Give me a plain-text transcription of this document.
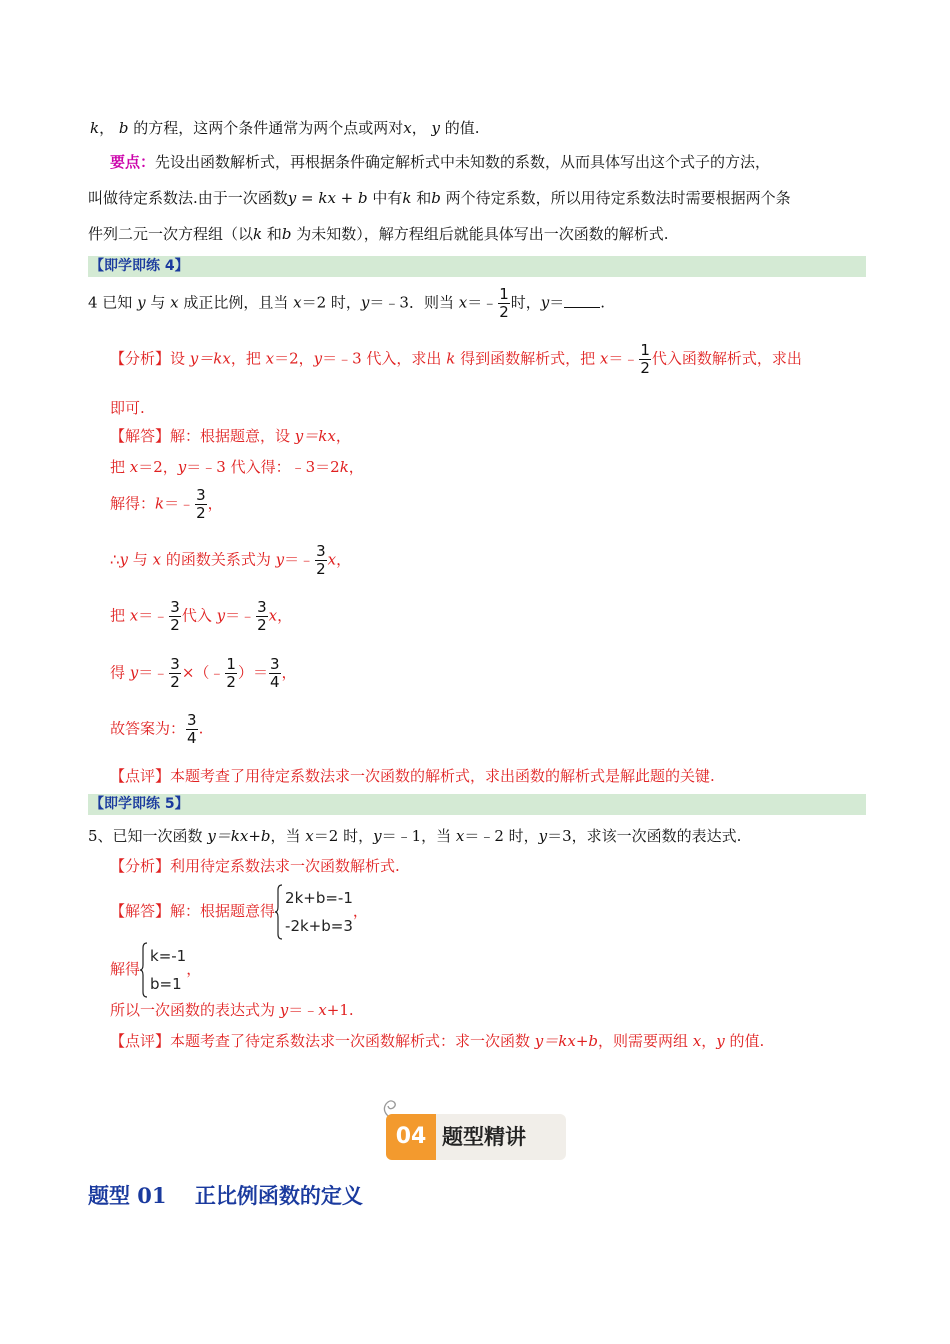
k， b 的方程，这两个条件通常为两个点或两对x， y 的值.
要点：先设出函数解析式，再根据条件确定解析式中未知数的系数，从而具体写出这个式子的方法，
叫做待定系数法.由于一次函数y = kx + b 中有k 和b 两个待定系数，所以用待定系数法时需要根据两个条
件列二元一次方程组（以k 和b 为未知数），解方程组后就能具体写出一次函数的解析式.
【即学即练 4】
4 已知 y 与 x 成正比例，且当 x＝2 时，y＝﹣3．则当 x＝﹣ $\frac{1}{2}$ 时，y＝ .
【分析】设 y＝kx，把 x＝2，y＝﹣3 代入，求出 k 得到函数解析式，把 x＝﹣ $\frac{1}{2}$ 代入函数解析式，求出
即可.
【解答】解：根据题意，设 y＝kx，
把 x＝2，y＝﹣3 代入得：﹣3＝2k，
解得：k＝﹣ $\frac{3}{2}$ ，
∴y 与 x 的函数关系式为 y＝﹣ $\frac{3}{2}$ x，
把 x＝﹣ $\frac{3}{2}$ 代入 y＝﹣ $\frac{3}{2}$ x，
得 y＝﹣ $\frac{3}{2}$ ×（﹣ $\frac{1}{2}$ ）＝ $\frac{3}{4}$ ，
故答案为： $\frac{3}{4}$ .
【点评】本题考查了用待定系数法求一次函数的解析式，求出函数的解析式是解此题的关键.
【即学即练 5】
5、已知一次函数 y＝kx+b，当 x＝2 时，y＝﹣1，当 x＝﹣2 时，y＝3，求该一次函数的表达式.
【分析】利用待定系数法求一次函数解析式.
【解答】解：根据题意得
2k+b=-1
-2k+b=3
，
解得
k=-1
b=1
，
所以一次函数的表达式为 y＝﹣x+1.
【点评】本题考查了待定系数法求一次函数解析式：求一次函数 y＝kx+b，则需要两组 x，y 的值.
04 题型精讲
题型 01　 正比例函数的定义
